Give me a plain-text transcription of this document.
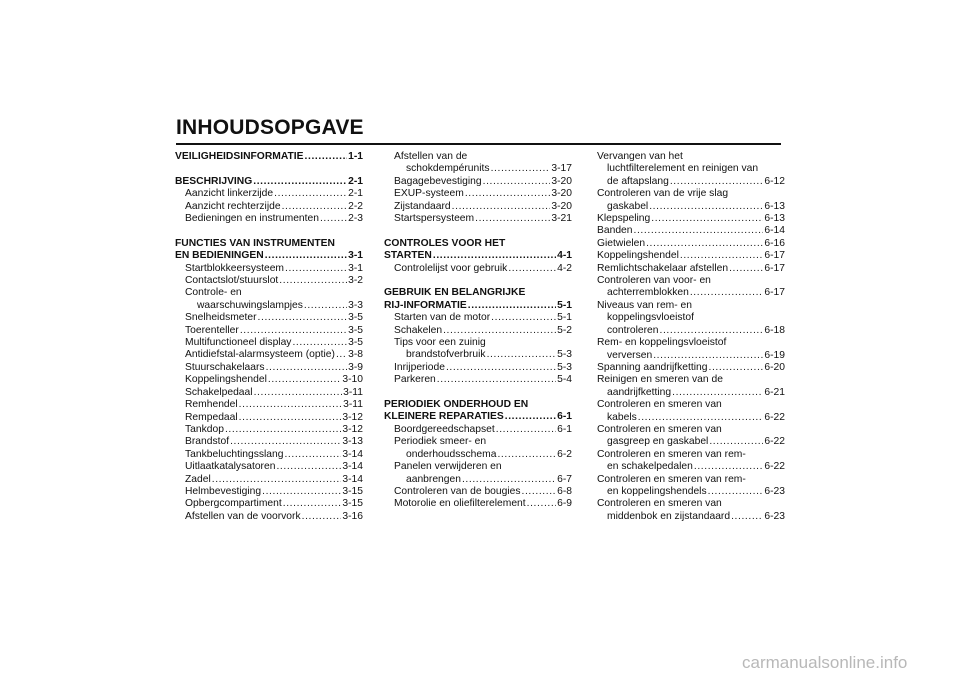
INHOUDSOPGAVE
VEILIGHEIDSINFORMATIE .....	1-1
BESCHRIJVING .....	2-1
Aanzicht linkerzijde .....	2-1
Aanzicht rechterzijde .....	2-2
Bedieningen en instrumenten .....	2-3
FUNCTIES VAN INSTRUMENTEN
EN BEDIENINGEN .....	3-1
Startblokkeersysteem .....	3-1
Contactslot/stuurslot .....	3-2
Controle- en
waarschuwingslampjes .....	3-3
Snelheidsmeter .....	3-5
Toerenteller .....	3-5
Multifunctioneel display .....	3-5
Antidiefstal-alarmsysteem (optie) ..... 3-8
Stuurschakelaars .....	3-9
Koppelingshendel .....	3-10
Schakelpedaal .....	3-11
Remhendel .....	3-11
Rempedaal .....	3-12
Tankdop .....	3-12
Brandstof .....	3-13
Tankbeluchtingsslang .....	3-14
Uitlaatkatalysatoren .....	3-14
Zadel .....	3-14
Helmbevestiging .....	3-15
Opbergcompartiment .....	3-15
Afstellen van de voorvork .....	3-16
Afstellen van de
schokdempérunits .....	3-17
Bagagebevestiging .....	3-20
EXUP-systeem .....	3-20
Zijstandaard .....	3-20
Startspersysteem .....	3-21
CONTROLES VOOR HET
STARTEN .....	4-1
Controlelijst voor gebruik .....	4-2
GEBRUIK EN BELANGRIJKE
RIJ-INFORMATIE .....	5-1
Starten van de motor .....	5-1
Schakelen .....	5-2
Tips voor een zuinig
brandstofverbruik .....	5-3
Inrijperiode .....	5-3
Parkeren .....	5-4
PERIODIEK ONDERHOUD EN
KLEINERE REPARATIES .....	6-1
Boordgereedschapset .....	6-1
Periodiek smeer- en
onderhoudsschema .....	6-2
Panelen verwijderen en
aanbrengen .....	6-7
Controleren van de bougies .....	6-8
Motorolie en oliefilterelement .....	6-9
Vervangen van het
luchtfilterelement en reinigen van
de aftapslang .....	6-12
Controleren van de vrije slag
gaskabel .....	6-13
Klepspeling .....	6-13
Banden .....	6-14
Gietwielen .....	6-16
Koppelingshendel .....	6-17
Remlichtschakelaar afstellen .....	6-17
Controleren van voor- en
achterremblokken .....	6-17
Niveaus van rem- en
koppelingsvloeistof
controleren .....	6-18
Rem- en koppelingsvloeistof
verversen .....	6-19
Spanning aandrijfketting .....	6-20
Reinigen en smeren van de
aandrijfketting .....	6-21
Controleren en smeren van
kabels .....	6-22
Controleren en smeren van
gasgreep en gaskabel .....	6-22
Controleren en smeren van rem-
en schakelpedalen .....	6-22
Controleren en smeren van rem-
en koppelingshendels .....	6-23
Controleren en smeren van
middenbok en zijstandaard .....	6-23
carmanualsonline.info
